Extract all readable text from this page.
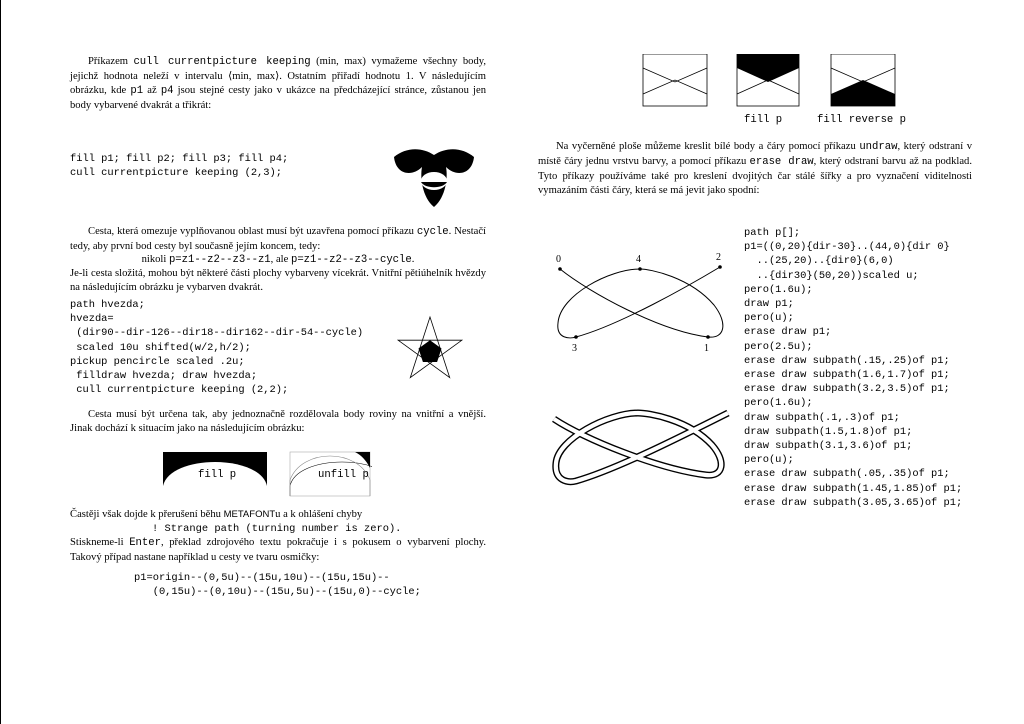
Příkazem cull currentpicture keeping (min, max) vymažeme všechny body, jejichž hodnota neleží v intervalu ⟨min, max⟩. Ostatním přiřadí hodnotu 1. V následujícím obrázku, kde p1 až p4 jsou stejné cesty jako v ukázce na předcházející stránce, zůstanou jen body vybarvené dvakrát a třikrát:

fill p1; fill p2; fill p3; fill p4;
cull currentpicture keeping (2,3);

Cesta, která omezuje vyplňovanou oblast musí být uzavřena pomocí příkazu cycle. Nestačí tedy, aby první bod cesty byl současně jejím koncem, tedy:

nikoli p=z1--z2--z3--z1, ale p=z1--z2--z3--cycle.

Je-li cesta složitá, mohou být některé části plochy vybarveny vícekrát. Vnitřní pětiúhelník hvězdy na následujícím obrázku je vybarven dvakrát.

path hvezda;
hvezda=
(dir90--dir-126--dir18--dir162--dir-54--cycle)
scaled 10u shifted(w/2,h/2);
pickup pencircle scaled .2u;
filldraw hvezda; draw hvezda;
cull currentpicture keeping (2,2);

Cesta musí být určena tak, aby jednoznačně rozdělovala body roviny na vnitřní a vnější. Jinak dochází k situacím jako na následujícím obrázku:

fill p	unfill p

Častěji však dojde k přerušení běhu METAFONTu a k ohlášení chyby

! Strange path (turning number is zero).

Stiskneme-li Enter, překlad zdrojového textu pokračuje i s pokusem o vybarvení plochy. Takový případ nastane například u cesty ve tvaru osmičky:

p1=origin--(0,5u)--(15u,10u)--(15u,15u)--
(0,15u)--(0,10u)--(15u,5u)--(15u,0)--cycle;
fill p	fill reverse p

Na vyčerněné ploše můžeme kreslit bílé body a čáry pomocí příkazu undraw, který odstraní v místě čáry jednu vrstvu barvy, a pomocí příkazu erase draw, který odstraní barvu až na podklad. Tyto příkazy používáme také pro kreslení dvojitých čar stálé šířky a pro vyznačení viditelnosti vymazáním části čáry, která se má jevit jako spodní:

0	4	2
3	1
path p[];
p1=((0,20){dir-30}..(44,0){dir 0}
..(25,20)..{dir0}(6,0)
..{dir30}(50,20))scaled u;
pero(1.6u);
draw p1;
pero(u);
erase draw p1;
pero(2.5u);
erase draw subpath(.15,.25)of p1;
erase draw subpath(1.6,1.7)of p1;
erase draw subpath(3.2,3.5)of p1;
pero(1.6u);
draw subpath(.1,.3)of p1;
draw subpath(1.5,1.8)of p1;
draw subpath(3.1,3.6)of p1;
pero(u);
erase draw subpath(.05,.35)of p1;
erase draw subpath(1.45,1.85)of p1;
erase draw subpath(3.05,3.65)of p1;
